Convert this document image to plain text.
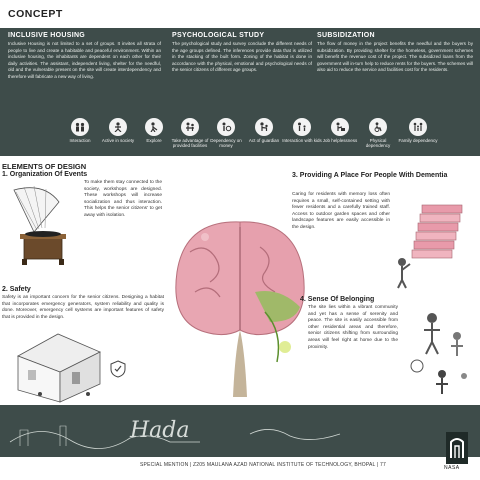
CONCEPT
INCLUSIVE HOUSING

Inclusive Housing is not limited to a set of groups. It invites all strata of people to live and create a habitable and peaceful environment. Within an inclusive housing, the inhabitants are dependent on each other for their daily activities. The assistant, independent living, shelter for the needful, old and the vulnerable present on the site will create interdependency and therefore will fabricate a new way of living.

PSYCHOLOGICAL STUDY

The psychological study and survey conclude the different needs of the age groups defined. The inferences provide data that is utilized in the stacking of the built form. Zoning of the habitat is done in accordance with the physical, emotional and psychological needs of the senior citizens of different age groups.

SUBSIDIZATION

The flow of money in the project benefits the needful and the buyers by subsidization. By providing shelter for the homeless, government schemes will benefit the revenue cost of the project. The subsidized loans from the government will in-turn help to reduce rents for the buyers. The schemes will also aid to reduce the service and facilities cost for the residents.

Interaction	Active in society	Explore	Take advantage of provided facilities
Dependency on money
Act of guardian Interaction with kids Job helplessness	Physical dependency
Family dependency
ELEMENTS OF DESIGN
1. Organization Of Events
To make them stay connected to the society, workshops are designed. These workshops will increase socialization and thus interaction. This helps the senior citizens' to get away with isolation.
2. Safety
Safety is an important concern for the senior citizens. Designing a habitat that incorporates emergency generators, system reliability and quality is done. Moreover, emergency cell systems are important features of safety that is provided in the design.
3. Providing A Place For People With Dementia
Caring for residents with memory loss often requires a small, self-contained setting with fewer residents and a carefully trained staff. Access to outdoor garden spaces and other landscape features are easily accessible in the design.
4. Sense Of Belonging
The site lies within a vibrant community and yet has a sense of serenity and peace. The site is easily accessible from other residential areas and therefore, senior citizens shifting from surrounding areas will feel right at home due to the proximity.
Hada
SPECIAL MENTION | Z205 MAULANA AZAD NATIONAL INSTITUTE OF TECHNOLOGY, BHOPAL | 77	NASA
